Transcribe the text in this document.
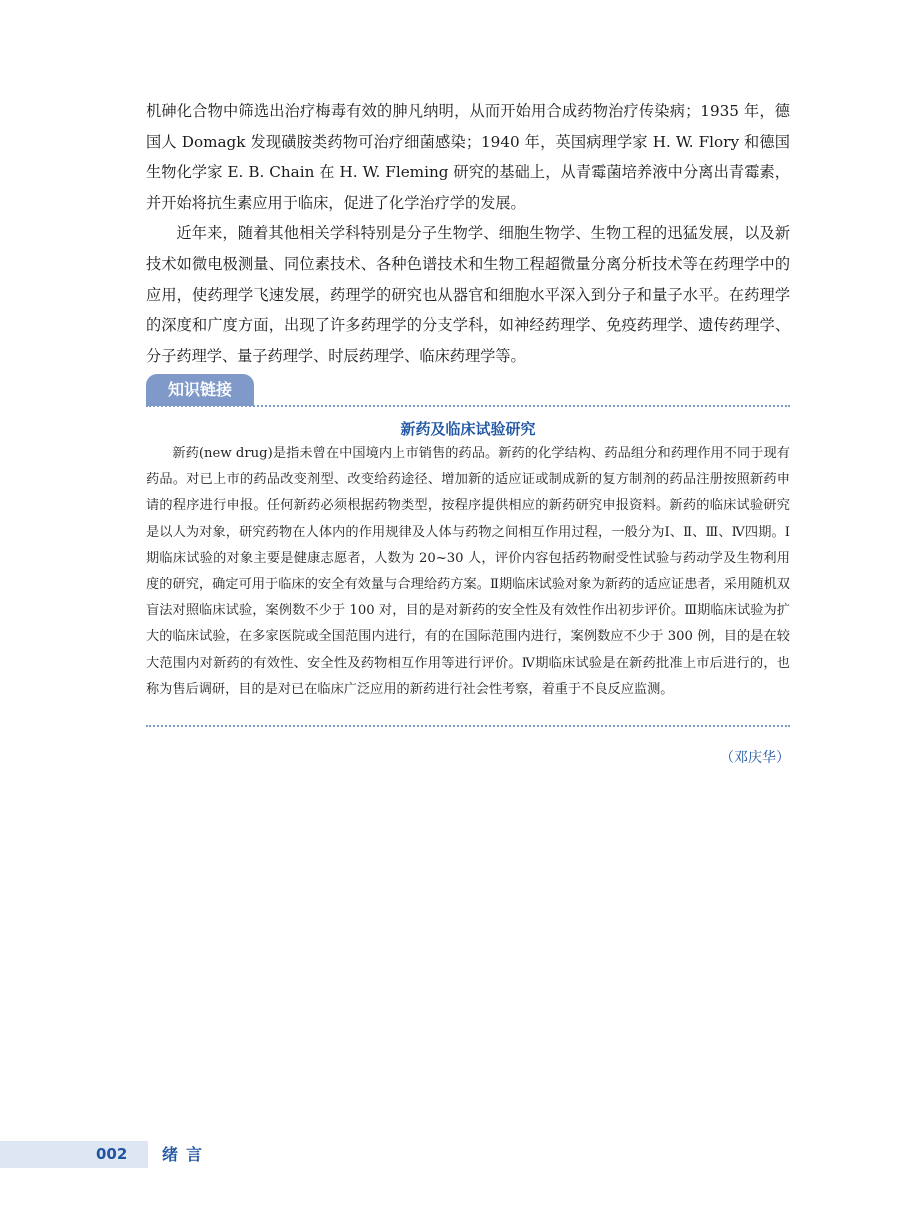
机砷化合物中筛选出治疗梅毒有效的胂凡纳明，从而开始用合成药物治疗传染病；1935 年，德国人 Domagk 发现磺胺类药物可治疗细菌感染；1940 年，英国病理学家 H. W. Flory 和德国生物化学家 E. B. Chain 在 H. W. Fleming 研究的基础上，从青霉菌培养液中分离出青霉素，并开始将抗生素应用于临床，促进了化学治疗学的发展。

近年来，随着其他相关学科特别是分子生物学、细胞生物学、生物工程的迅猛发展，以及新技术如微电极测量、同位素技术、各种色谱技术和生物工程超微量分离分析技术等在药理学中的应用，使药理学飞速发展，药理学的研究也从器官和细胞水平深入到分子和量子水平。在药理学的深度和广度方面，出现了许多药理学的分支学科，如神经药理学、免疫药理学、遗传药理学、分子药理学、量子药理学、时辰药理学、临床药理学等。

知识链接
新药及临床试验研究
新药(new drug)是指未曾在中国境内上市销售的药品。新药的化学结构、药品组分和药理作用不同于现有药品。对已上市的药品改变剂型、改变给药途径、增加新的适应证或制成新的复方制剂的药品注册按照新药申请的程序进行申报。任何新药必须根据药物类型，按程序提供相应的新药研究申报资料。新药的临床试验研究是以人为对象，研究药物在人体内的作用规律及人体与药物之间相互作用过程，一般分为Ⅰ、Ⅱ、Ⅲ、Ⅳ四期。Ⅰ期临床试验的对象主要是健康志愿者，人数为 20~30 人，评价内容包括药物耐受性试验与药动学及生物利用度的研究，确定可用于临床的安全有效量与合理给药方案。Ⅱ期临床试验对象为新药的适应证患者，采用随机双盲法对照临床试验，案例数不少于 100 对，目的是对新药的安全性及有效性作出初步评价。Ⅲ期临床试验为扩大的临床试验，在多家医院或全国范围内进行，有的在国际范围内进行，案例数应不少于 300 例，目的是在较大范围内对新药的有效性、安全性及药物相互作用等进行评价。Ⅳ期临床试验是在新药批准上市后进行的，也称为售后调研，目的是对已在临床广泛应用的新药进行社会性考察，着重于不良反应监测。
（邓庆华）
002 绪言
